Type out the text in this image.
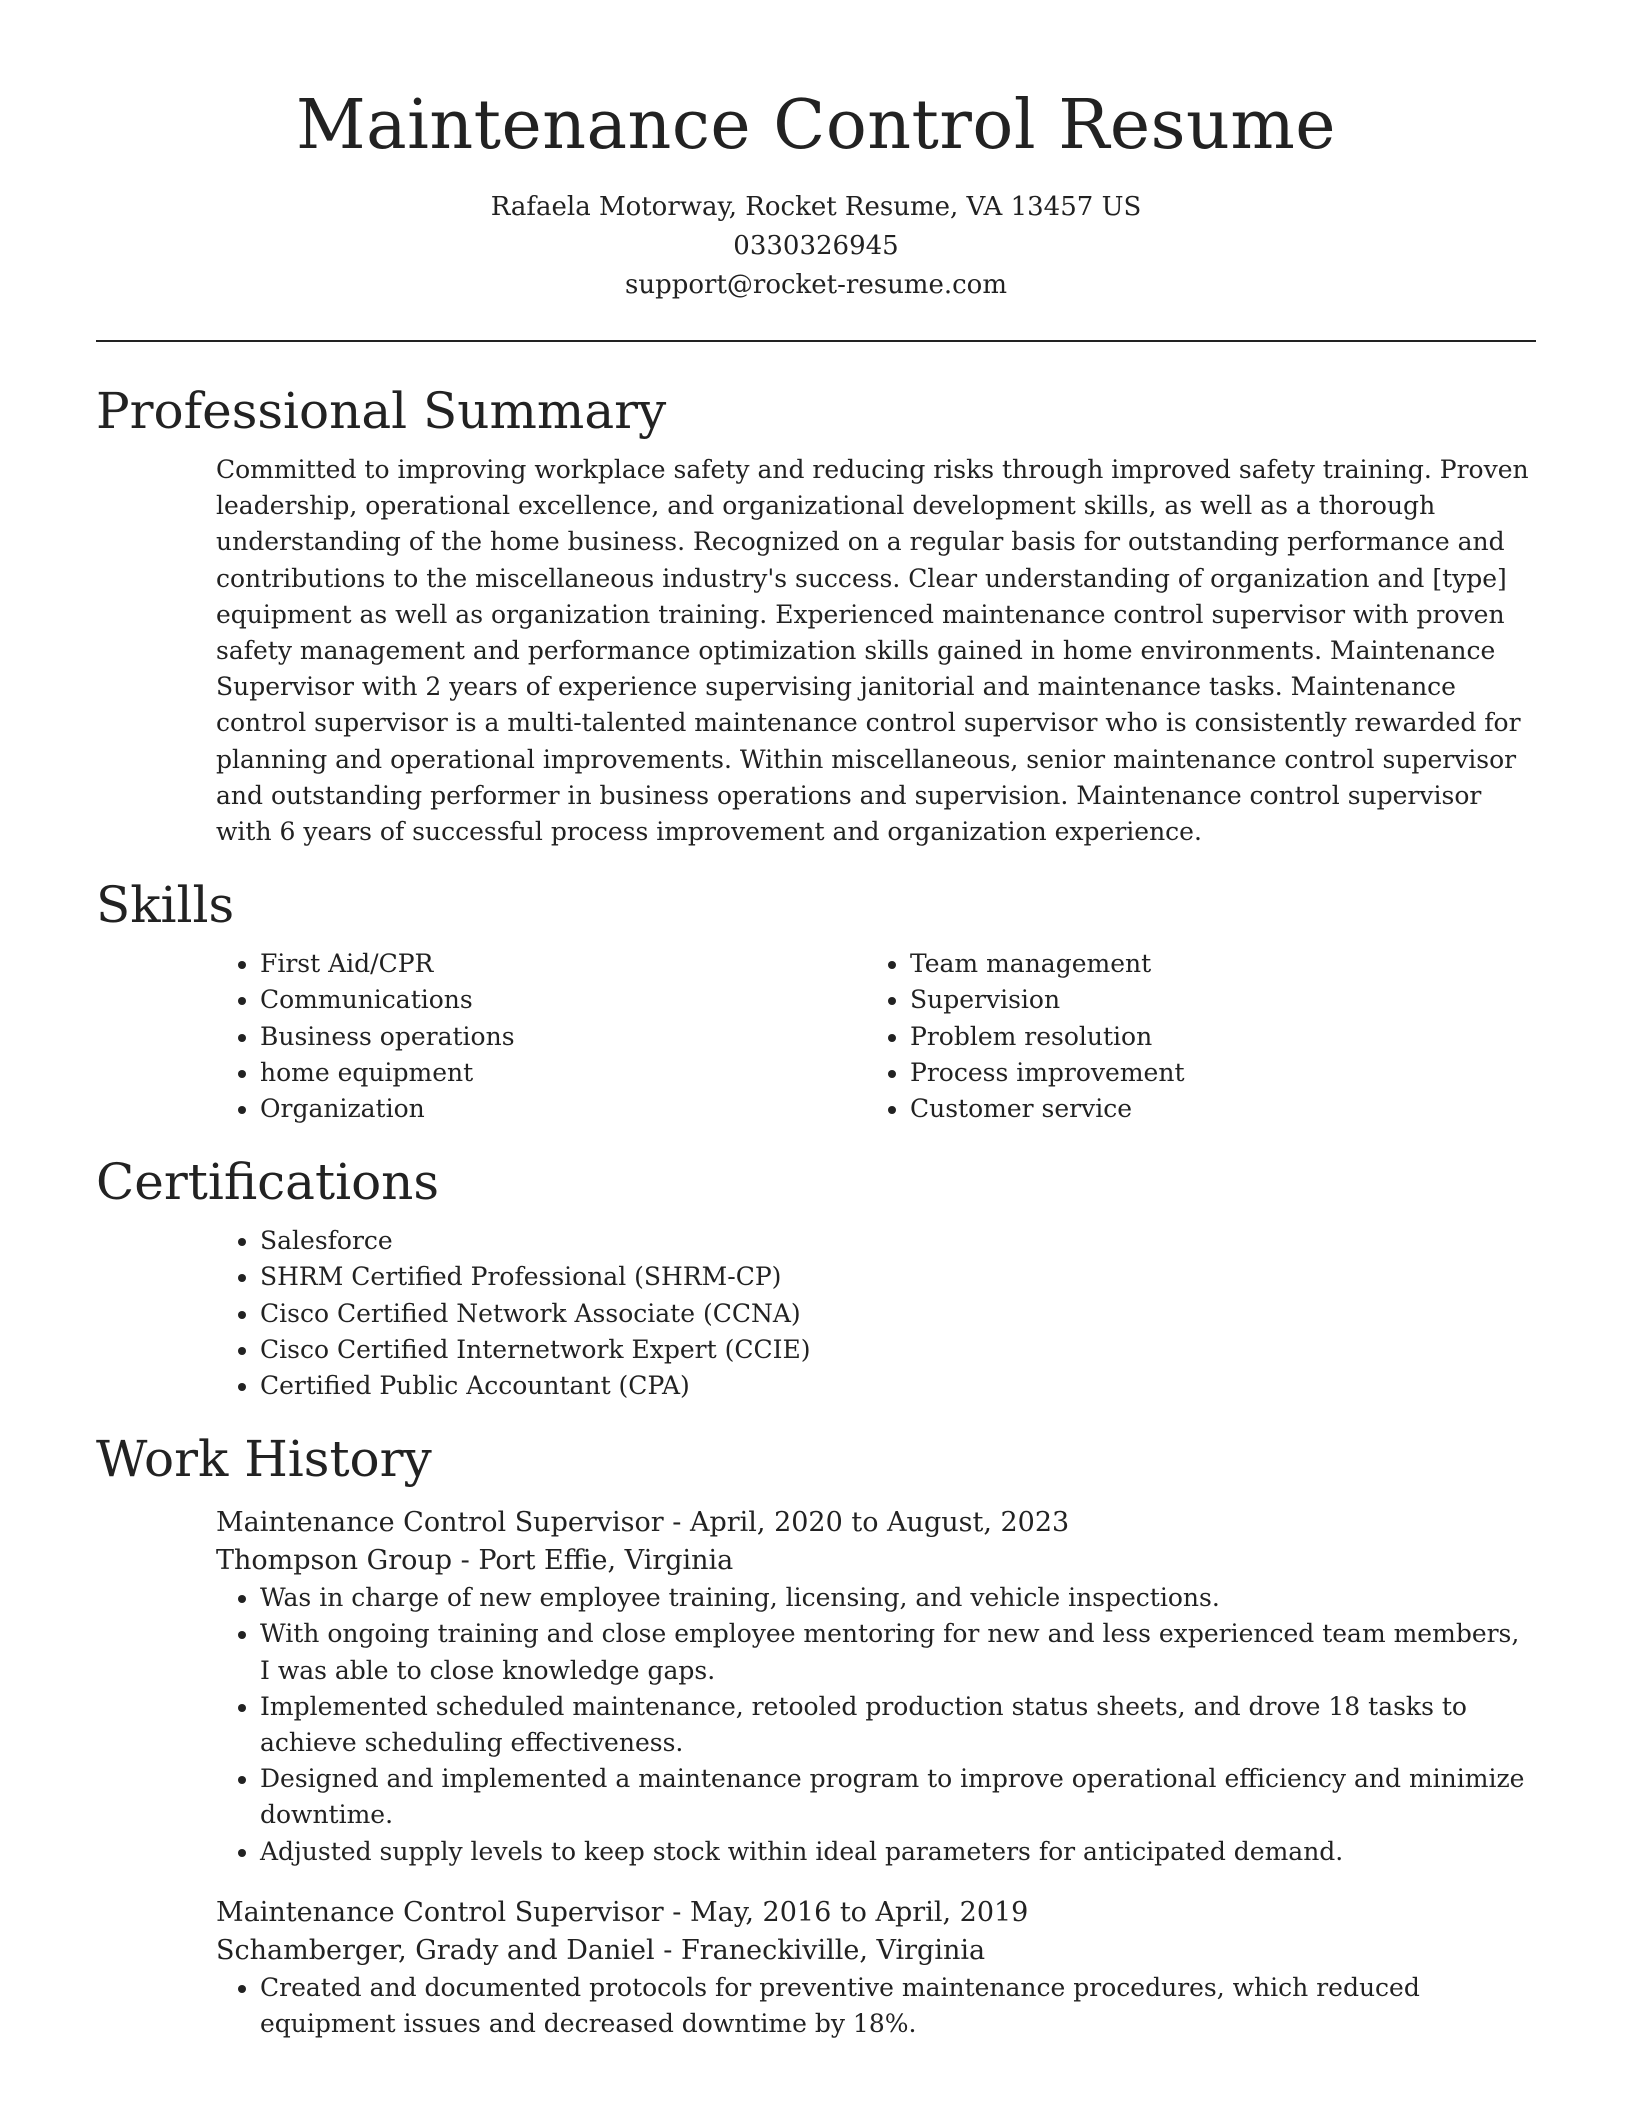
Maintenance Control Resume
Rafaela Motorway, Rocket Resume, VA 13457 US
0330326945
support@rocket-resume.com
Professional Summary

Committed to improving workplace safety and reducing risks through improved safety training. Proven leadership, operational excellence, and organizational development skills, as well as a thorough understanding of the home business. Recognized on a regular basis for outstanding performance and contributions to the miscellaneous industry's success. Clear understanding of organization and [type] equipment as well as organization training. Experienced maintenance control supervisor with proven safety management and performance optimization skills gained in home environments. Maintenance Supervisor with 2 years of experience supervising janitorial and maintenance tasks. Maintenance control supervisor is a multi-talented maintenance control supervisor who is consistently rewarded for planning and operational improvements. Within miscellaneous, senior maintenance control supervisor and outstanding performer in business operations and supervision. Maintenance control supervisor with 6 years of successful process improvement and organization experience.

Skills
• First Aid/CPR
• Communications
• Business operations
• home equipment
• Organization
• Team management
• Supervision
• Problem resolution
• Process improvement
• Customer service
Certifications
• Salesforce
• SHRM Certified Professional (SHRM-CP)
• Cisco Certified Network Associate (CCNA)
• Cisco Certified Internetwork Expert (CCIE)
• Certified Public Accountant (CPA)
Work History
Maintenance Control Supervisor - April, 2020 to August, 2023
Thompson Group - Port Effie, Virginia
• Was in charge of new employee training, licensing, and vehicle inspections.
• With ongoing training and close employee mentoring for new and less experienced team members, I was able to close knowledge gaps.
• Implemented scheduled maintenance, retooled production status sheets, and drove 18 tasks to achieve scheduling effectiveness.
• Designed and implemented a maintenance program to improve operational efficiency and minimize downtime.
• Adjusted supply levels to keep stock within ideal parameters for anticipated demand.
Maintenance Control Supervisor - May, 2016 to April, 2019
Schamberger, Grady and Daniel - Franeckiville, Virginia
• Created and documented protocols for preventive maintenance procedures, which reduced equipment issues and decreased downtime by 18%.
